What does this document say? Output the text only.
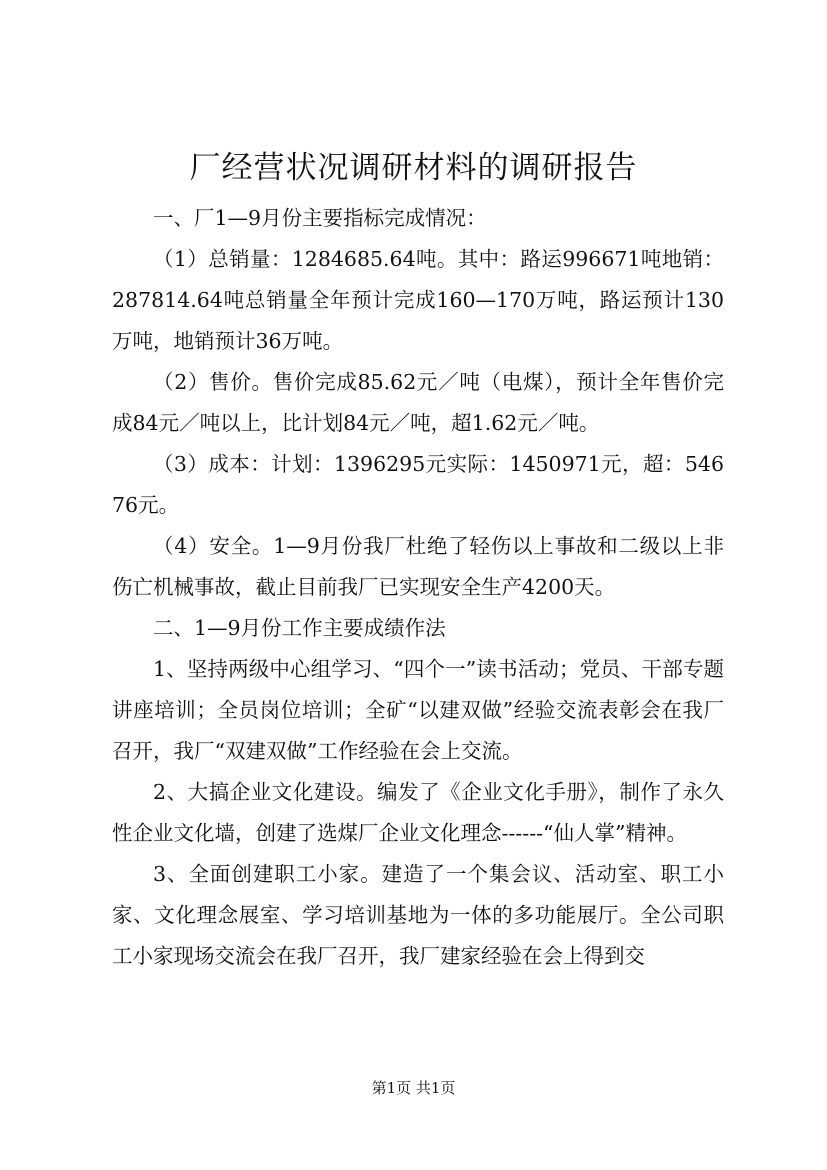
厂经营状况调研材料的调研报告

一、厂1—9月份主要指标完成情况：

（1）总销量：1284685.64吨。其中：路运996671吨地销：287814.64吨总销量全年预计完成160—170万吨，路运预计130万吨，地销预计36万吨。

（2）售价。售价完成85.62元／吨（电煤），预计全年售价完成84元／吨以上，比计划84元／吨，超1.62元／吨。

（3）成本：计划：1396295元实际：1450971元，超：54676元。

（4）安全。1—9月份我厂杜绝了轻伤以上事故和二级以上非伤亡机械事故，截止目前我厂已实现安全生产4200天。

二、1—9月份工作主要成绩作法

1、坚持两级中心组学习、“四个一”读书活动；党员、干部专题讲座培训；全员岗位培训；全矿“以建双做”经验交流表彰会在我厂召开，我厂“双建双做”工作经验在会上交流。

2、大搞企业文化建设。编发了《企业文化手册》，制作了永久性企业文化墙，创建了选煤厂企业文化理念------“仙人掌”精神。

3、全面创建职工小家。建造了一个集会议、活动室、职工小家、文化理念展室、学习培训基地为一体的多功能展厅。全公司职工小家现场交流会在我厂召开，我厂建家经验在会上得到交

第1页 共1页
